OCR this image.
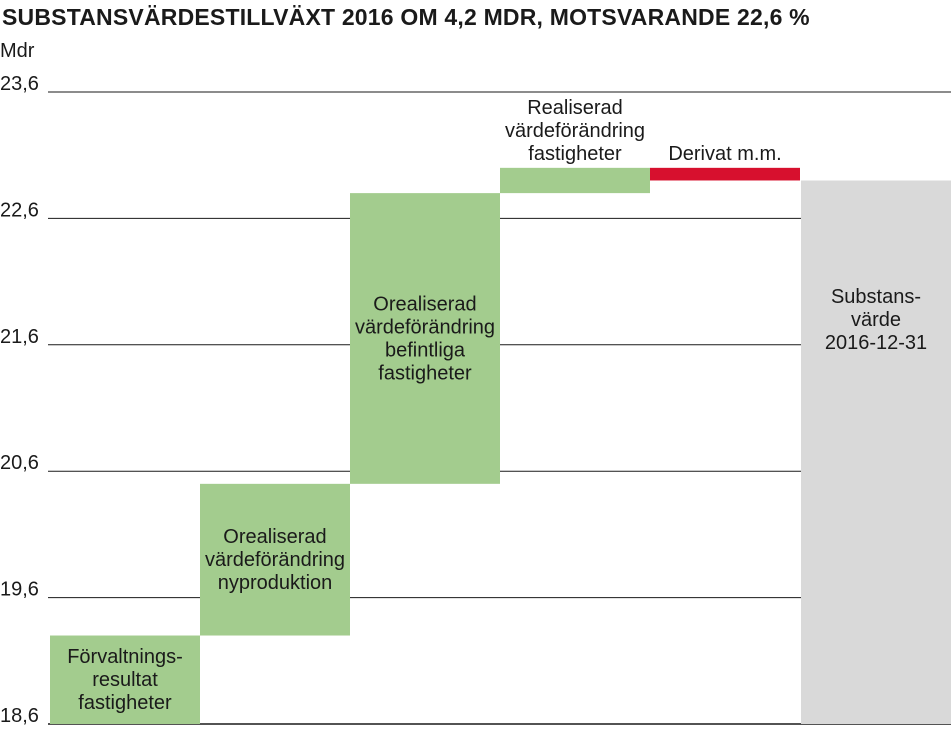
SUBSTANSVÄRDESTILLVÄXT 2016 OM 4,2 MDR, MOTSVARANDE 22,6 %
Förvaltnings-resultat fastigheter
Orealiserad värdeförändring nyproduktion
Orealiserad värdeförändring befintliga fastigheter
Realiserad värdeförändring fastigheter	Derivat m.m.
Substans-värde 2016-12-31
Mdr
18,6
19,6
20,6
21,6
22,6
23,6
